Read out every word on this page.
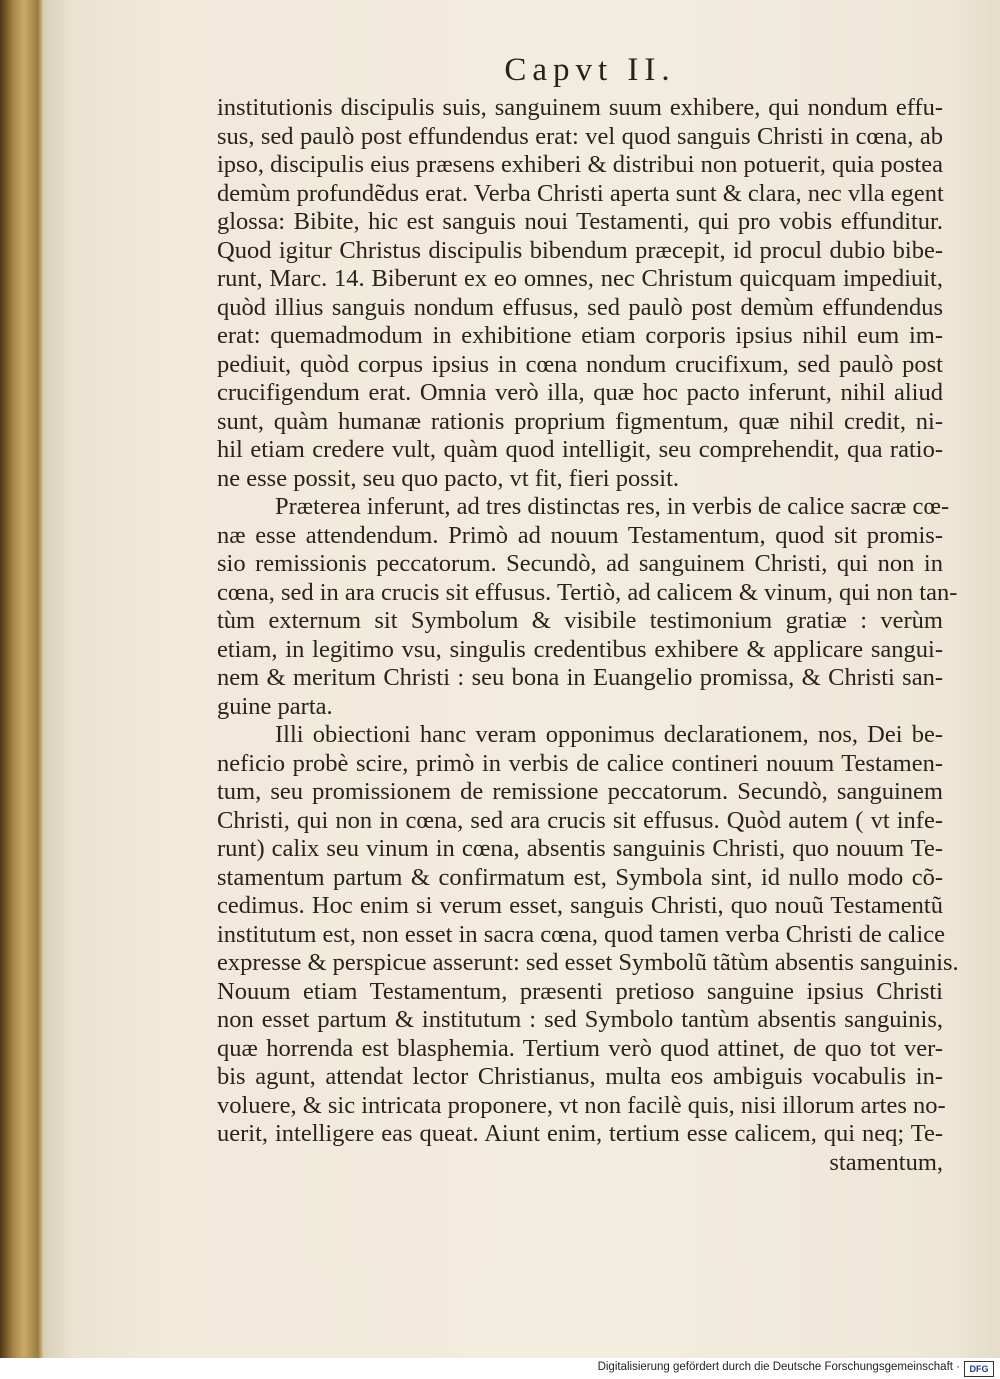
Capvt II.
institutionis discipulis suis, sanguinem suum exhibere, qui nondum effu-
sus, sed paulò post effundendus erat: vel quod sanguis Christi in cœna, ab
ipso, discipulis eius præsens exhiberi & distribui non potuerit, quia postea
demùm profundẽdus erat. Verba Christi aperta sunt & clara, nec vlla egent
glossa: Bibite, hic est sanguis noui Testamenti, qui pro vobis effunditur.
Quod igitur Christus discipulis bibendum præcepit, id procul dubio bibe-
runt, Marc. 14. Biberunt ex eo omnes, nec Christum quicquam impediuit,
quòd illius sanguis nondum effusus, sed paulò post demùm effundendus
erat: quemadmodum in exhibitione etiam corporis ipsius nihil eum im-
pediuit, quòd corpus ipsius in cœna nondum crucifixum, sed paulò post
crucifigendum erat. Omnia verò illa, quæ hoc pacto inferunt, nihil aliud
sunt, quàm humanæ rationis proprium figmentum, quæ nihil credit, ni-
hil etiam credere vult, quàm quod intelligit, seu comprehendit, qua ratio-
ne esse possit, seu quo pacto, vt fit, fieri possit.
Præterea inferunt, ad tres distinctas res, in verbis de calice sacræ cœ-
næ esse attendendum. Primò ad nouum Testamentum, quod sit promis-
sio remissionis peccatorum. Secundò, ad sanguinem Christi, qui non in
cœna, sed in ara crucis sit effusus. Tertiò, ad calicem & vinum, qui non tan-
tùm externum sit Symbolum & visibile testimonium gratiæ : verùm
etiam, in legitimo vsu, singulis credentibus exhibere & applicare sangui-
nem & meritum Christi : seu bona in Euangelio promissa, & Christi san-
guine parta.
Illi obiectioni hanc veram opponimus declarationem, nos, Dei be-
neficio probè scire, primò in verbis de calice contineri nouum Testamen-
tum, seu promissionem de remissione peccatorum. Secundò, sanguinem
Christi, qui non in cœna, sed ara crucis sit effusus. Quòd autem ( vt infe-
runt) calix seu vinum in cœna, absentis sanguinis Christi, quo nouum Te-
stamentum partum & confirmatum est, Symbola sint, id nullo modo cõ-
cedimus. Hoc enim si verum esset, sanguis Christi, quo nouũ Testamentũ
institutum est, non esset in sacra cœna, quod tamen verba Christi de calice
expresse & perspicue asserunt: sed esset Symbolũ tãtùm absentis sanguinis.
Nouum etiam Testamentum, præsenti pretioso sanguine ipsius Christi
non esset partum & institutum : sed Symbolo tantùm absentis sanguinis,
quæ horrenda est blasphemia. Tertium verò quod attinet, de quo tot ver-
bis agunt, attendat lector Christianus, multa eos ambiguis vocabulis in-
voluere, & sic intricata proponere, vt non facilè quis, nisi illorum artes no-
uerit, intelligere eas queat. Aiunt enim, tertium esse calicem, qui neq; Te-
stamentum,
Digitalisierung gefördert durch die Deutsche Forschungsgemeinschaft ·	DFG
